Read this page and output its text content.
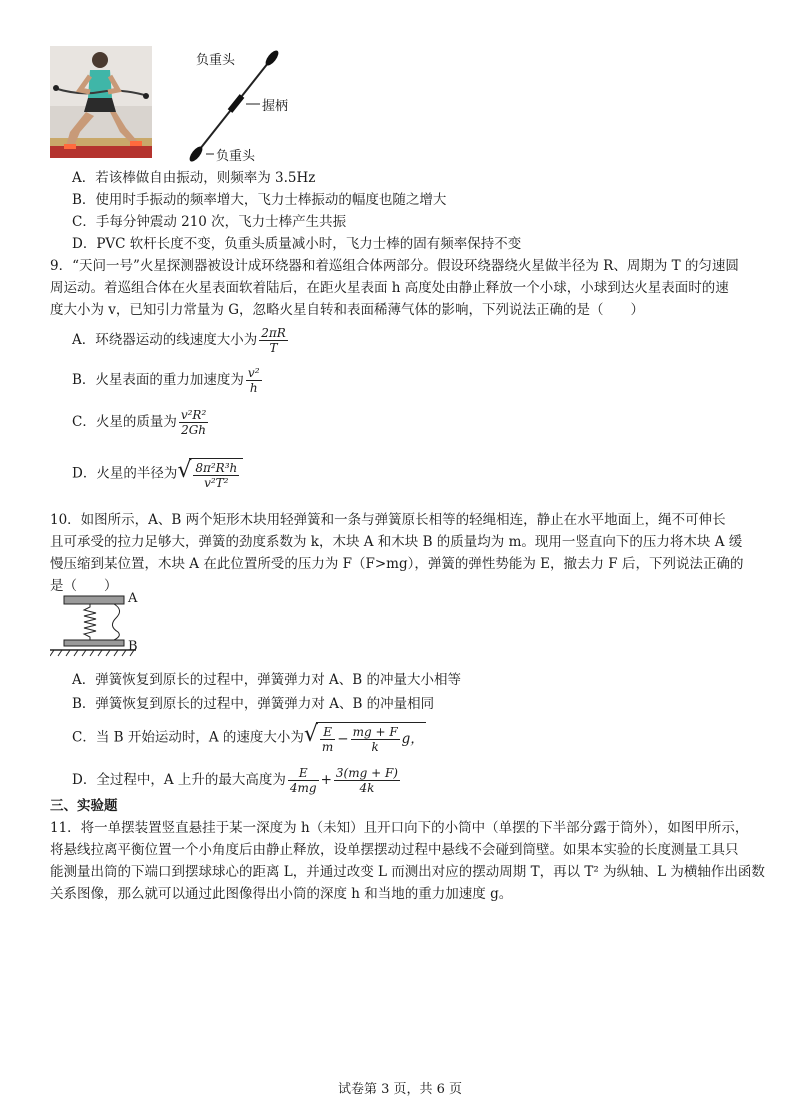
负重头
握柄
负重头
A．若该棒做自由振动，则频率为 3.5Hz
B．使用时手振动的频率增大，飞力士棒振动的幅度也随之增大
C．手每分钟震动 210 次，飞力士棒产生共振
D．PVC 软杆长度不变，负重头质量减小时，飞力士棒的固有频率保持不变
9．“天问一号”火星探测器被设计成环绕器和着巡组合体两部分。假设环绕器绕火星做半径为 R、周期为 T 的匀速圆
周运动。着巡组合体在火星表面软着陆后，在距火星表面 h 高度处由静止释放一个小球，小球到达火星表面时的速
度大小为 v，已知引力常量为 G，忽略火星自转和表面稀薄气体的影响，下列说法正确的是（　　）
A．环绕器运动的线速度大小为 $\frac{2\pi R}{T}$
B．火星表面的重力加速度为 $\frac{\text{v²}}{h}$
C．火星的质量为 $\frac{\text{v²R²}}{2Gh}$
D．火星的半径为 √ $\frac{\text{8π²R³h}}{\text{v²T²}}$
10．如图所示，A、B 两个矩形木块用轻弹簧和一条与弹簧原长相等的轻绳相连，静止在水平地面上，绳不可伸长
且可承受的拉力足够大，弹簧的劲度系数为 k，木块 A 和木块 B 的质量均为 m。现用一竖直向下的压力将木块 A 缓
慢压缩到某位置，木块 A 在此位置所受的压力为 F（F>mg），弹簧的弹性势能为 E，撤去力 F 后，下列说法正确的
是（　　）
A
B
A．弹簧恢复到原长的过程中，弹簧弹力对 A、B 的冲量大小相等
B．弹簧恢复到原长的过程中，弹簧弹力对 A、B 的冲量相同
C．当 B 开始运动时，A 的速度大小为 √ $\frac{E}{m} - \frac{mg + F}{k}$ g，
D．全过程中，A 上升的最大高度为 $\frac{E}{4mg} + \frac{3(mg + F)}{4k}$
三、实验题
11．将一单摆装置竖直悬挂于某一深度为 h（未知）且开口向下的小筒中（单摆的下半部分露于筒外），如图甲所示，
将悬线拉离平衡位置一个小角度后由静止释放，设单摆摆动过程中悬线不会碰到筒壁。如果本实验的长度测量工具只
能测量出筒的下端口到摆球球心的距离 L，并通过改变 L 而测出对应的摆动周期 T，再以 T² 为纵轴、L 为横轴作出函数
关系图像，那么就可以通过此图像得出小筒的深度 h 和当地的重力加速度 g。
试卷第 3 页，共 6 页
